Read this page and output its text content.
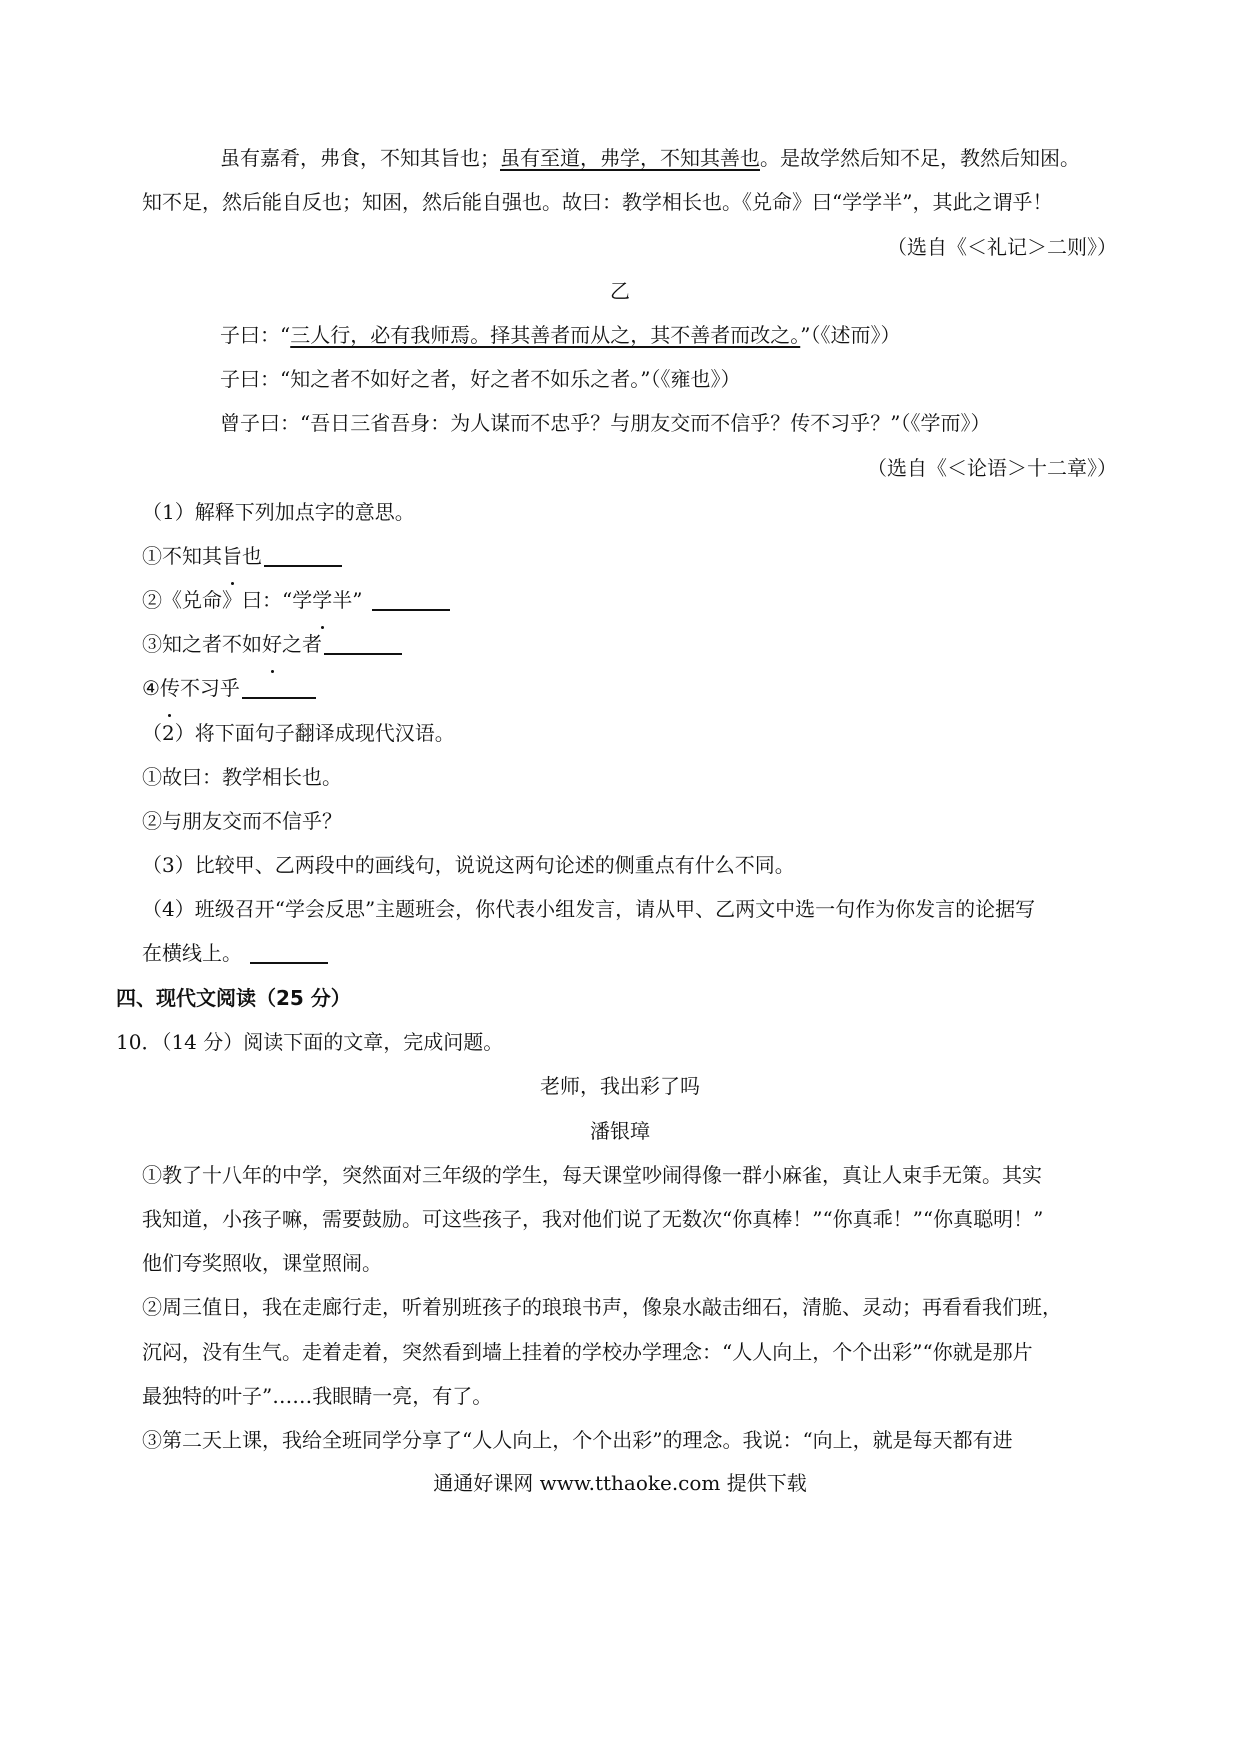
虽有嘉肴，弗食，不知其旨也；虽有至道，弗学，不知其善也。是故学然后知不足，教然后知困。
知不足，然后能自反也；知困，然后能自强也。故曰：教学相长也。《兑命》曰“学学半”，其此之谓乎！
（选自《＜礼记＞二则》）
乙
子曰：“三人行，必有我师焉。择其善者而从之，其不善者而改之。”（《述而》）
子曰：“知之者不如好之者，好之者不如乐之者。”（《雍也》）
曾子曰：“吾日三省吾身：为人谋而不忠乎？与朋友交而不信乎？传不习乎？”（《学而》）
（选自《＜论语＞十二章》）
（1）解释下列加点字的意思。
①不知其旨也
②《兑命》曰：“学学半”
③知之者不如好之者
④传不习乎
（2）将下面句子翻译成现代汉语。
①故曰：教学相长也。
②与朋友交而不信乎？
（3）比较甲、乙两段中的画线句，说说这两句论述的侧重点有什么不同。
（4）班级召开“学会反思”主题班会，你代表小组发言，请从甲、乙两文中选一句作为你发言的论据写
在横线上。
四、现代文阅读（25 分）
10．（14 分）阅读下面的文章，完成问题。
老师，我出彩了吗
潘银璋
①教了十八年的中学，突然面对三年级的学生，每天课堂吵闹得像一群小麻雀，真让人束手无策。其实
我知道，小孩子嘛，需要鼓励。可这些孩子，我对他们说了无数次“你真棒！”“你真乖！”“你真聪明！”
他们夸奖照收，课堂照闹。
②周三值日，我在走廊行走，听着别班孩子的琅琅书声，像泉水敲击细石，清脆、灵动；再看看我们班，
沉闷，没有生气。走着走着，突然看到墙上挂着的学校办学理念：“人人向上，个个出彩”“你就是那片
最独特的叶子”……我眼睛一亮，有了。
③第二天上课，我给全班同学分享了“人人向上，个个出彩”的理念。我说：“向上，就是每天都有进
通通好课网 www.tthaoke.com 提供下载
